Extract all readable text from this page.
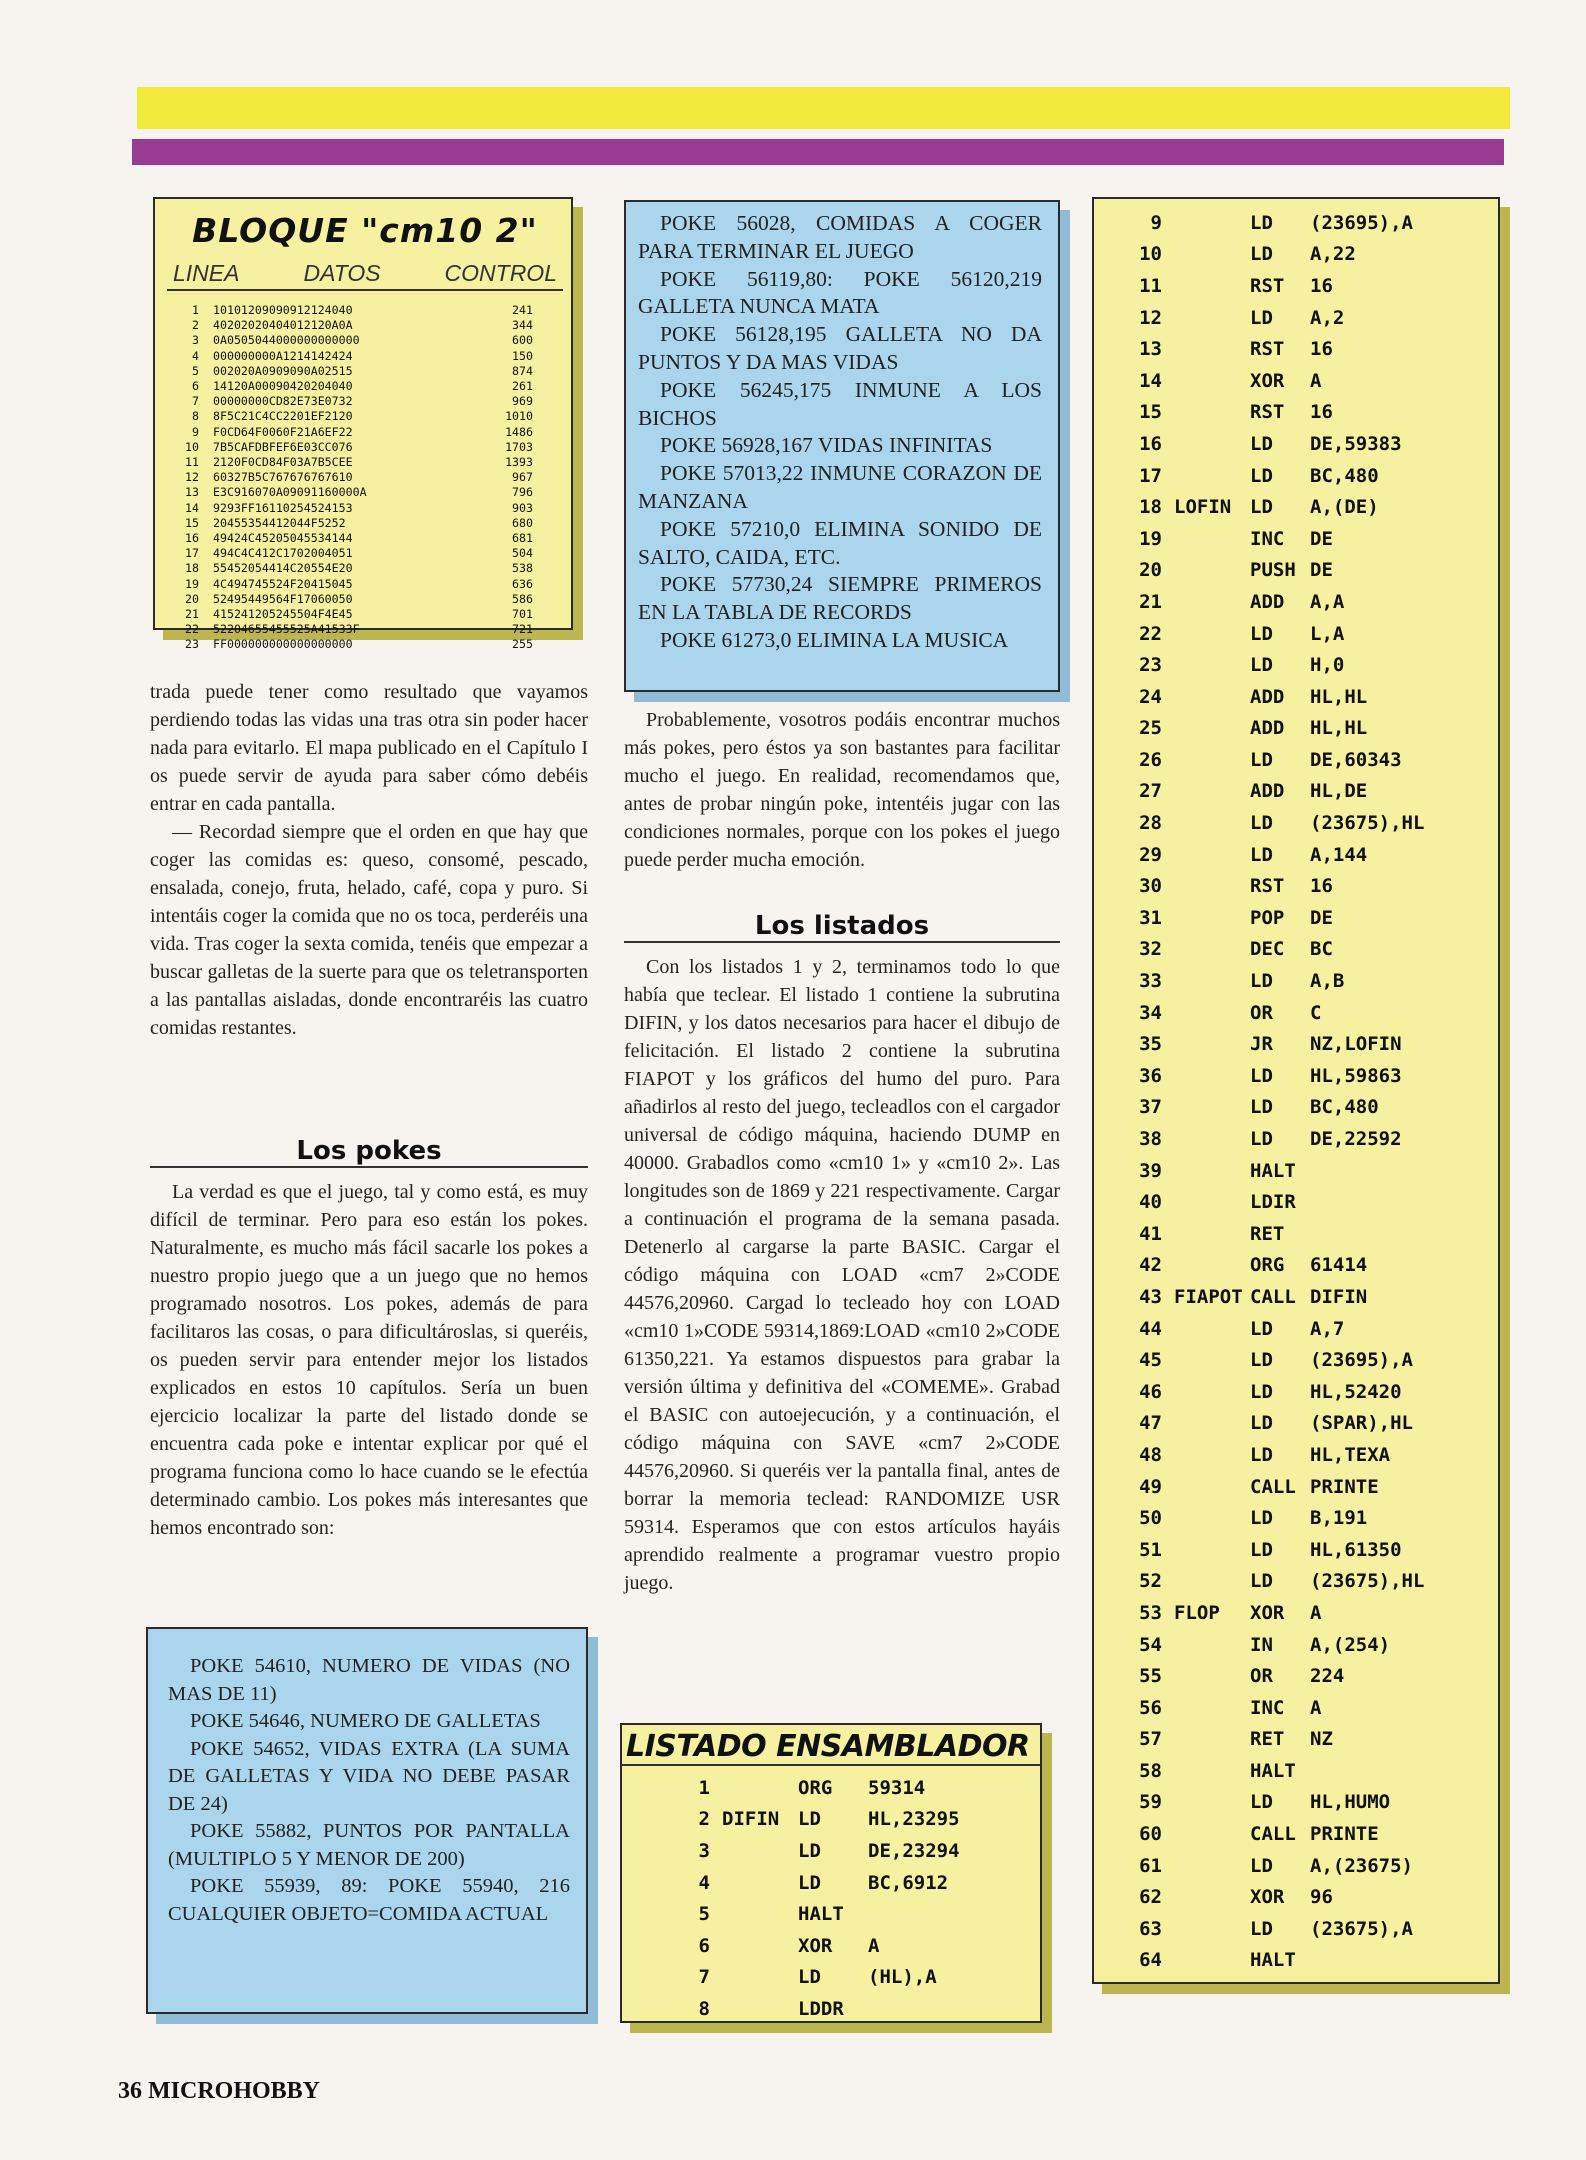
BLOQUE "cm10 2"
LINEA	DATOS	CONTROL
1 10101209090912124040	241
2 40202020404012120A0A	344
3 0A0505044000000000000	600
4 000000000A1214142424	150
5 002020A0909090A02515	874
6 14120A00090420204040	261
7 00000000CD82E73E0732	969
8 8F5C21C4CC2201EF2120	1010
9 F0CD64F0060F21A6EF22	1486
10 7B5CAFDBFEF6E03CC076	1703
11 2120F0CD84F03A7B5CEE	1393
12 60327B5C767676767610	967
13 E3C916070A09091160000A	796
14 9293FF16110254524153	903
15 20455354412044F5252	680
16 49424C45205045534144	681
17 494C4C412C1702004051	504
18 55452054414C20554E20	538
19 4C494745524F20415045	636
20 52495449564F17060050	586
21 415241205245504F4E45	701
22 52204655455525A41533F	721
23 FF000000000000000000	255

trada puede tener como resultado que vayamos perdiendo todas las vidas una tras otra sin poder hacer nada para evitarlo. El mapa publicado en el Capítulo I os puede servir de ayuda para saber cómo debéis entrar en cada pantalla.

— Recordad siempre que el orden en que hay que coger las comidas es: queso, consomé, pescado, ensalada, conejo, fruta, helado, café, copa y puro. Si intentáis coger la comida que no os toca, perderéis una vida. Tras coger la sexta comida, tenéis que empezar a buscar galletas de la suerte para que os teletransporten a las pantallas aisladas, donde encontraréis las cuatro comidas restantes.

Los pokes

La verdad es que el juego, tal y como está, es muy difícil de terminar. Pero para eso están los pokes. Naturalmente, es mucho más fácil sacarle los pokes a nuestro propio juego que a un juego que no hemos programado nosotros. Los pokes, además de para facilitaros las cosas, o para dificultároslas, si queréis, os pueden servir para entender mejor los listados explicados en estos 10 capítulos. Sería un buen ejercicio localizar la parte del listado donde se encuentra cada poke e intentar explicar por qué el programa funciona como lo hace cuando se le efectúa determinado cambio. Los pokes más interesantes que hemos encontrado son:

POKE 54610, NUMERO DE VIDAS (NO MAS DE 11)

POKE 54646, NUMERO DE GALLETAS

POKE 54652, VIDAS EXTRA (LA SUMA DE GALLETAS Y VIDA NO DEBE PASAR DE 24)

POKE 55882, PUNTOS POR PANTALLA (MULTIPLO 5 Y MENOR DE 200)

POKE 55939, 89: POKE 55940, 216 CUALQUIER OBJETO=COMIDA ACTUAL

POKE 56028, COMIDAS A COGER PARA TERMINAR EL JUEGO

POKE 56119,80: POKE 56120,219 GALLETA NUNCA MATA

POKE 56128,195 GALLETA NO DA PUNTOS Y DA MAS VIDAS

POKE 56245,175 INMUNE A LOS BICHOS

POKE 56928,167 VIDAS INFINITAS

POKE 57013,22 INMUNE CORAZON DE MANZANA

POKE 57210,0 ELIMINA SONIDO DE SALTO, CAIDA, ETC.

POKE 57730,24 SIEMPRE PRIMEROS EN LA TABLA DE RECORDS

POKE 61273,0 ELIMINA LA MUSICA

Probablemente, vosotros podáis encontrar muchos más pokes, pero éstos ya son bastantes para facilitar mucho el juego. En realidad, recomendamos que, antes de probar ningún poke, intentéis jugar con las condiciones normales, porque con los pokes el juego puede perder mucha emoción.

Los listados

Con los listados 1 y 2, terminamos todo lo que había que teclear. El listado 1 contiene la subrutina DIFIN, y los datos necesarios para hacer el dibujo de felicitación. El listado 2 contiene la subrutina FIAPOT y los gráficos del humo del puro. Para añadirlos al resto del juego, tecleadlos con el cargador universal de código máquina, haciendo DUMP en 40000. Grabadlos como «cm10 1» y «cm10 2». Las longitudes son de 1869 y 221 respectivamente. Cargar a continuación el programa de la semana pasada. Detenerlo al cargarse la parte BASIC. Cargar el código máquina con LOAD «cm7 2»CODE 44576,20960. Cargad lo tecleado hoy con LOAD «cm10 1»CODE 59314,1869:LOAD «cm10 2»CODE 61350,221. Ya estamos dispuestos para grabar la versión última y definitiva del «COMEME». Grabad el BASIC con autoejecución, y a continuación, el código máquina con SAVE «cm7 2»CODE 44576,20960. Si queréis ver la pantalla final, antes de borrar la memoria teclead: RANDOMIZE USR 59314. Esperamos que con estos artículos hayáis aprendido realmente a programar vuestro propio juego.

LISTADO ENSAMBLADOR
1	ORG	59314
2 DIFIN LD	HL,23295
3	LD	DE,23294
4	LD	BC,6912
5	HALT
6	XOR	A
7	LD	(HL),A
8	LDDR
9	LD	(23695),A
10	LD	A,22
11	RST	16
12	LD	A,2
13	RST	16
14	XOR	A
15	RST	16
16	LD	DE,59383
17	LD	BC,480
18 LOFIN LD	A,(DE)
19	INC	DE
20	PUSH DE
21	ADD	A,A
22	LD	L,A
23	LD	H,0
24	ADD	HL,HL
25	ADD	HL,HL
26	LD	DE,60343
27	ADD	HL,DE
28	LD	(23675),HL
29	LD	A,144
30	RST	16
31	POP	DE
32	DEC	BC
33	LD	A,B
34	OR	C
35	JR	NZ,LOFIN
36	LD	HL,59863
37	LD	BC,480
38	LD	DE,22592
39	HALT
40	LDIR
41	RET
42	ORG	61414
43 FIAPOT CALL DIFIN
44	LD	A,7
45	LD	(23695),A
46	LD	HL,52420
47	LD	(SPAR),HL
48	LD	HL,TEXA
49	CALL PRINTE
50	LD	B,191
51	LD	HL,61350
52	LD	(23675),HL
53 FLOP	XOR	A
54	IN	A,(254)
55	OR	224
56	INC	A
57	RET	NZ
58	HALT
59	LD	HL,HUMO
60	CALL PRINTE
61	LD	A,(23675)
62	XOR	96
63	LD	(23675),A
64	HALT
36 MICROHOBBY
